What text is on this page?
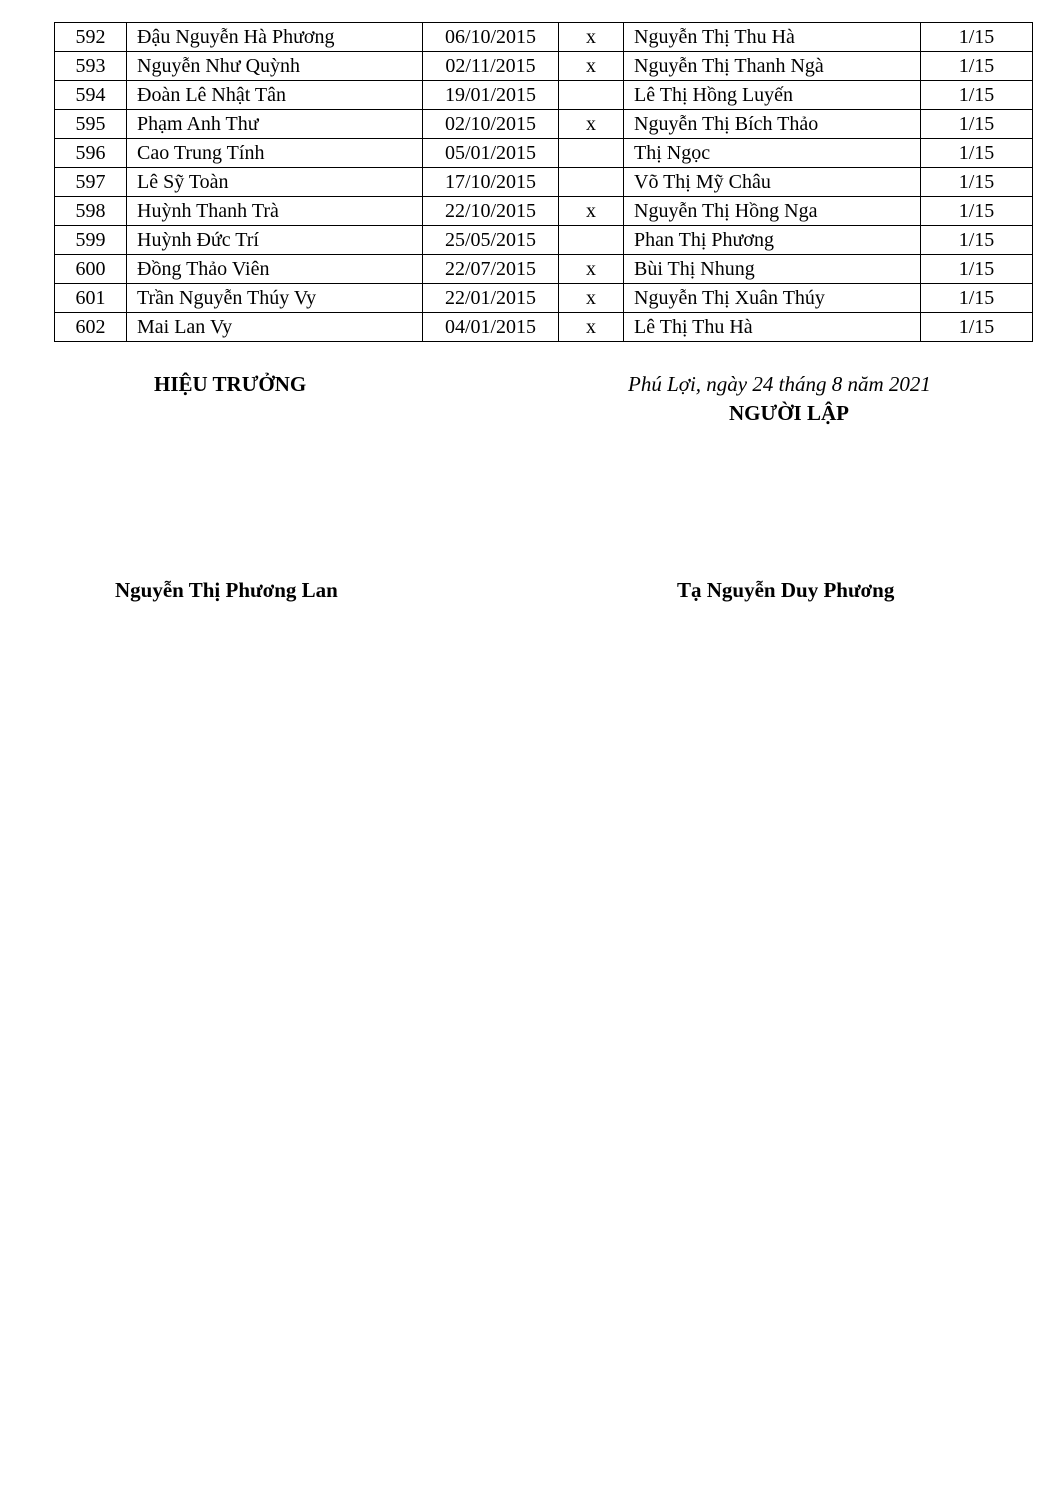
592	Đậu Nguyễn Hà Phương	06/10/2015	x	Nguyễn Thị Thu Hà	1/15
593	Nguyễn Như Quỳnh	02/11/2015	x	Nguyễn Thị Thanh Ngà	1/15
594	Đoàn Lê Nhật Tân	19/01/2015		Lê Thị Hồng Luyến	1/15
595	Phạm Anh Thư	02/10/2015	x	Nguyễn Thị Bích Thảo	1/15
596	Cao Trung Tính	05/01/2015		Thị Ngọc	1/15
597	Lê Sỹ Toàn	17/10/2015		Võ Thị Mỹ Châu	1/15
598	Huỳnh Thanh Trà	22/10/2015	x	Nguyễn Thị Hồng Nga	1/15
599	Huỳnh Đức Trí	25/05/2015		Phan Thị Phương	1/15
600	Đồng Thảo Viên	22/07/2015	x	Bùi Thị Nhung	1/15
601	Trần Nguyễn Thúy Vy	22/01/2015	x	Nguyễn Thị Xuân Thúy	1/15
602	Mai Lan Vy	04/01/2015	x	Lê Thị Thu Hà	1/15
HIỆU TRƯỞNG	Phú Lợi, ngày 24 tháng 8 năm 2021
NGƯỜI LẬP
Nguyễn Thị Phương Lan	Tạ Nguyễn Duy Phương
